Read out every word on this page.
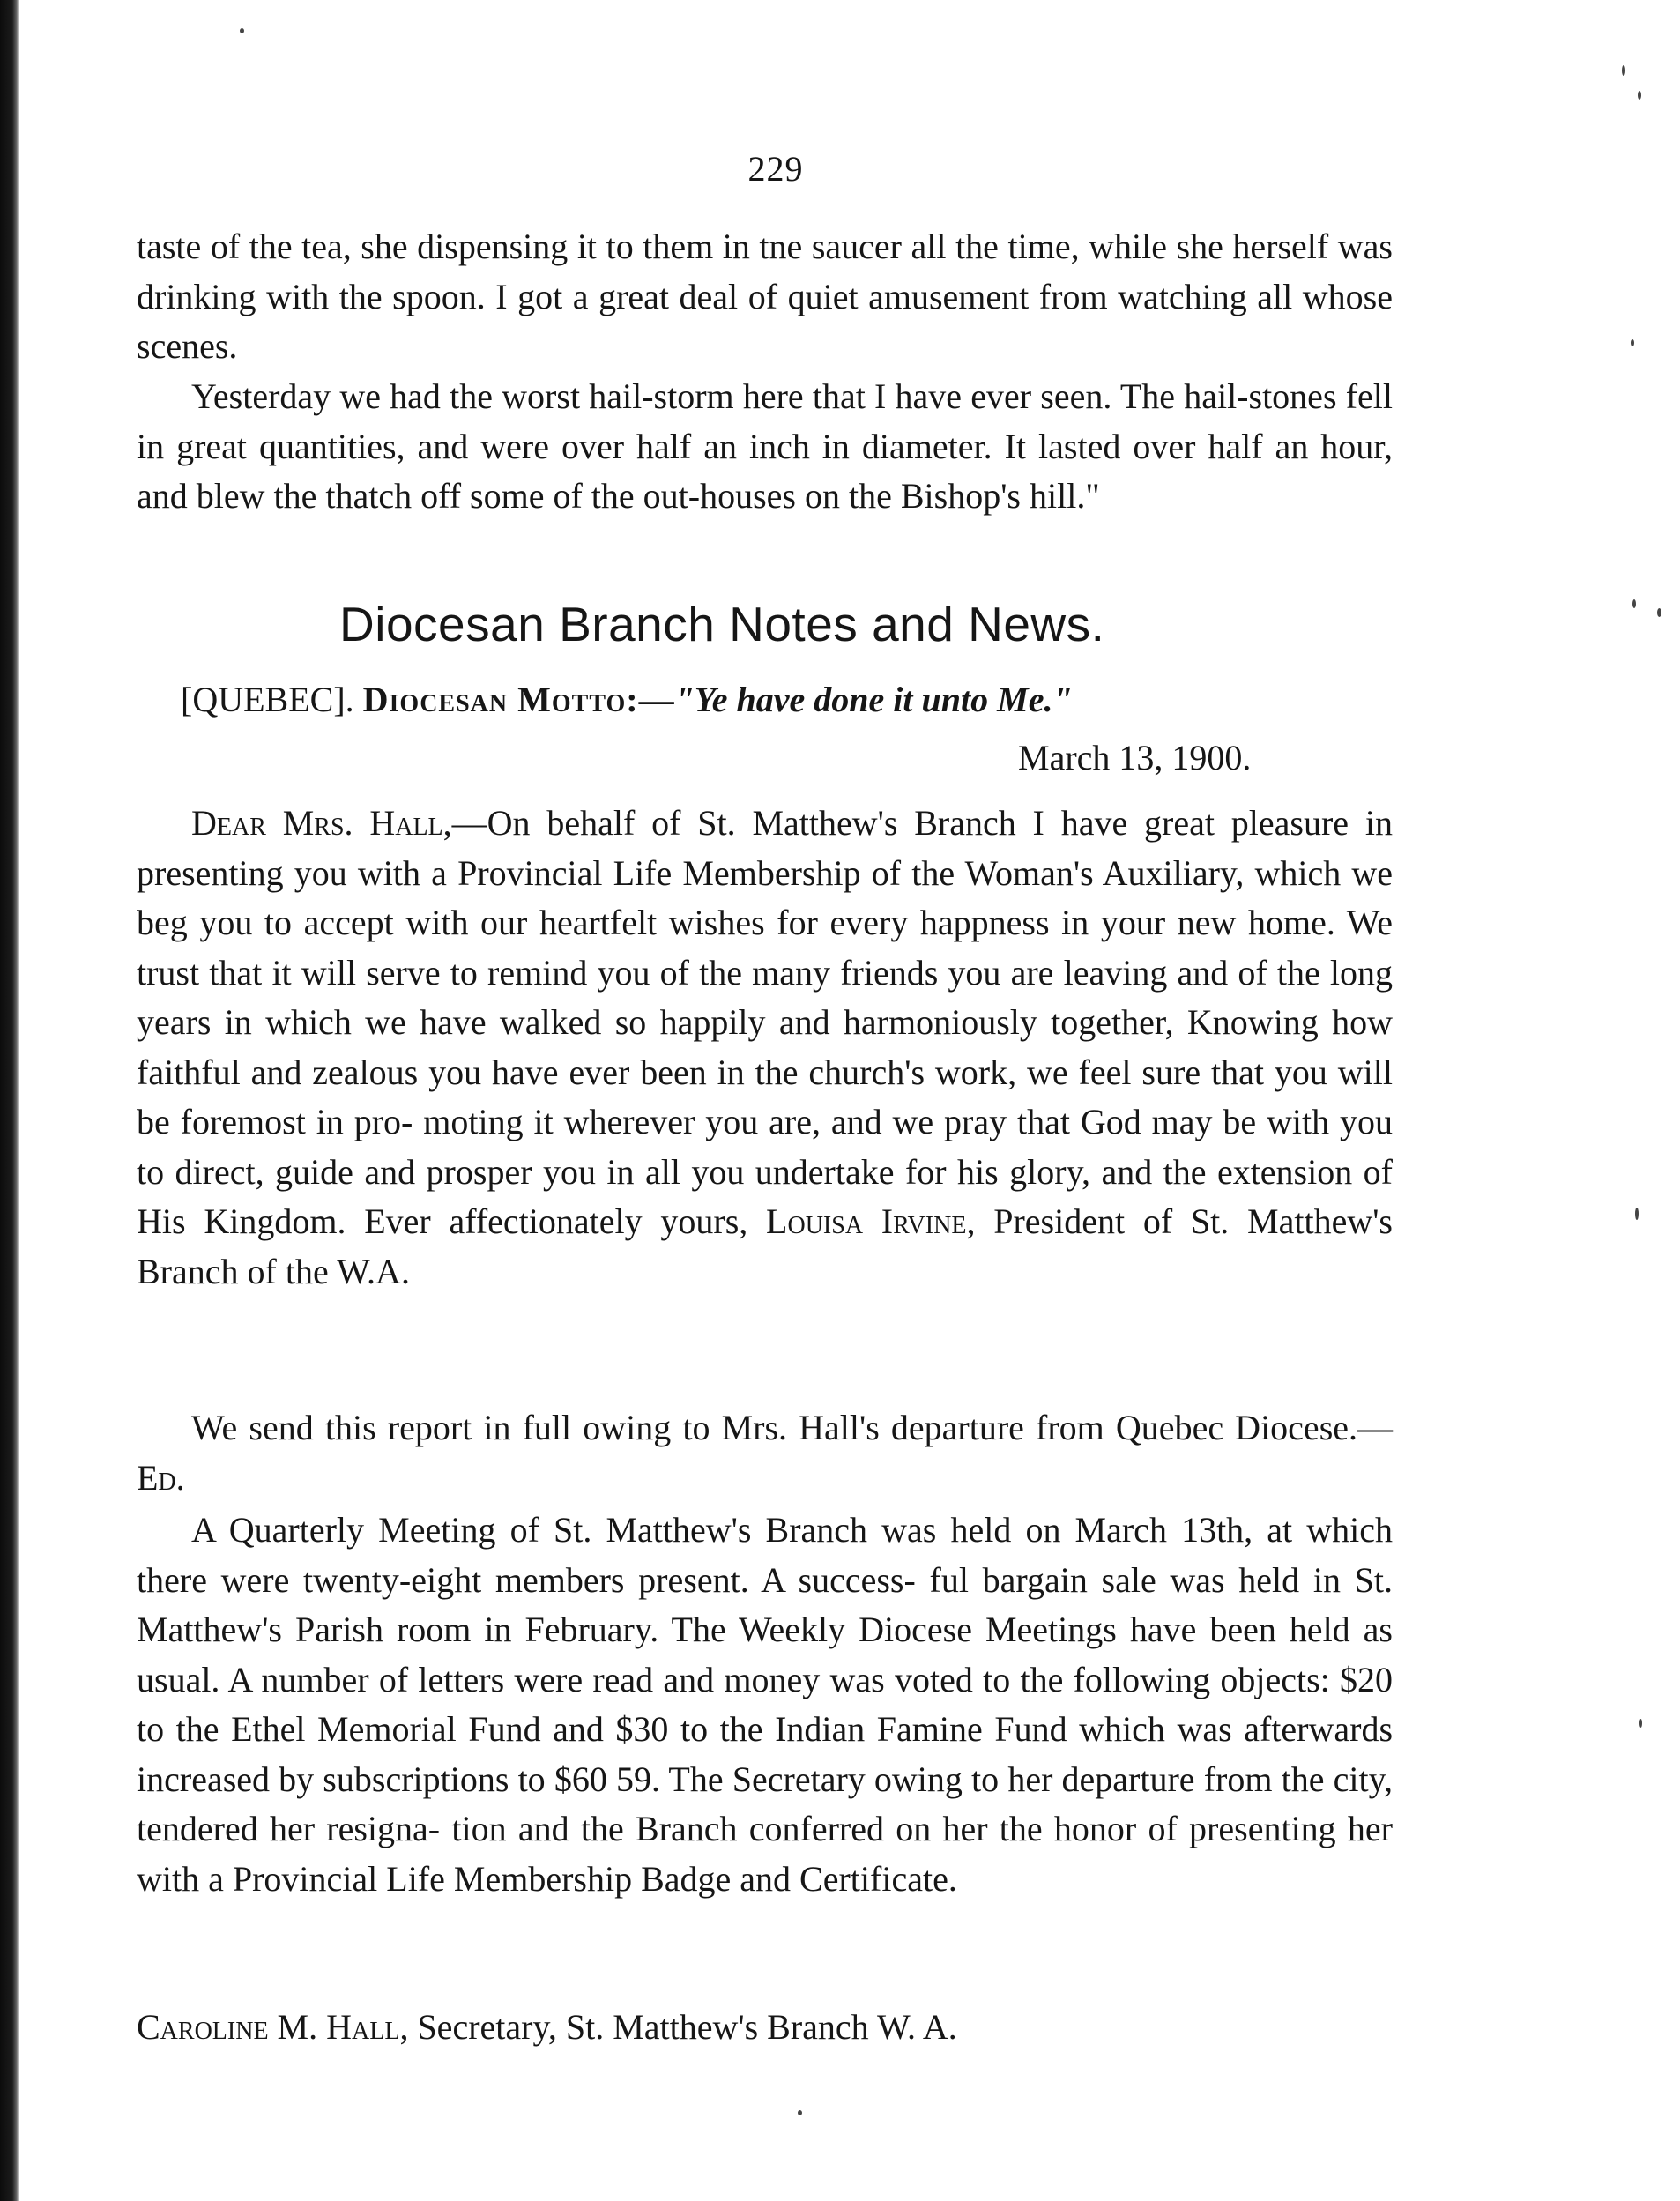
229
taste of the tea, she dispensing it to them in tne saucer all the time, while she herself was drinking with the spoon. I got a great deal of quiet amusement from watching all whose scenes.
Yesterday we had the worst hail-storm here that I have ever seen. The hail-stones fell in great quantities, and were over half an inch in diameter. It lasted over half an hour, and blew the thatch off some of the out-houses on the Bishop's hill."
Diocesan Branch Notes and News.
[QUEBEC]. Diocesan Motto:—"Ye have done it unto Me."
March 13, 1900.
Dear Mrs. Hall,—On behalf of St. Matthew's Branch I have great pleasure in presenting you with a Provincial Life Membership of the Woman's Auxiliary, which we beg you to accept with our heartfelt wishes for every happness in your new home. We trust that it will serve to remind you of the many friends you are leaving and of the long years in which we have walked so happily and harmoniously together, Knowing how faithful and zealous you have ever been in the church's work, we feel sure that you will be foremost in pro- moting it wherever you are, and we pray that God may be with you to direct, guide and prosper you in all you undertake for his glory, and the extension of His Kingdom. Ever affectionately yours, Louisa Irvine, President of St. Matthew's Branch of the W.A.
We send this report in full owing to Mrs. Hall's departure from Quebec Diocese.—Ed.
A Quarterly Meeting of St. Matthew's Branch was held on March 13th, at which there were twenty-eight members present. A success- ful bargain sale was held in St. Matthew's Parish room in February. The Weekly Diocese Meetings have been held as usual. A number of letters were read and money was voted to the following objects: $20 to the Ethel Memorial Fund and $30 to the Indian Famine Fund which was afterwards increased by subscriptions to $60 59. The Secretary owing to her departure from the city, tendered her resigna- tion and the Branch conferred on her the honor of presenting her with a Provincial Life Membership Badge and Certificate.
Caroline M. Hall, Secretary, St. Matthew's Branch W. A.
